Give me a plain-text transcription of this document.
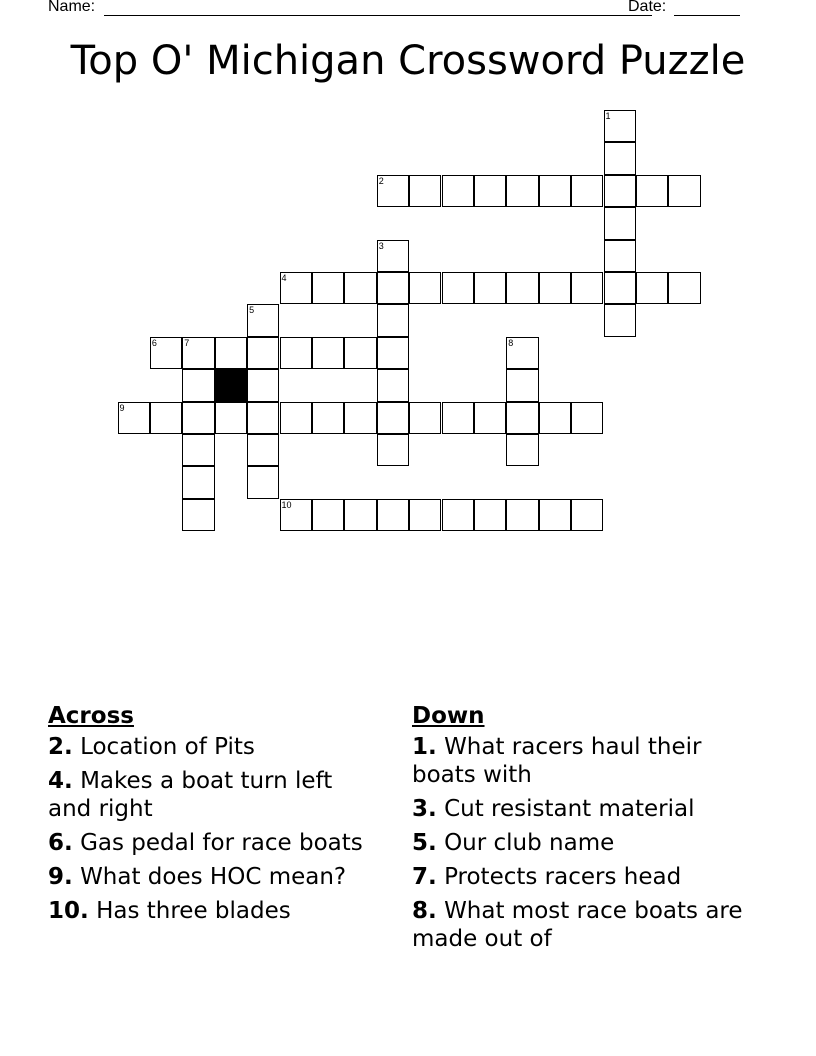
Name:	Date:
Top O' Michigan Crossword Puzzle
1
2
3
4
5
6	7	8
9
10
Across
2. Location of Pits
4. Makes a boat turn left and right
6. Gas pedal for race boats
9. What does HOC mean?
10. Has three blades
Down
1. What racers haul their boats with
3. Cut resistant material
5. Our club name
7. Protects racers head
8. What most race boats are made out of
